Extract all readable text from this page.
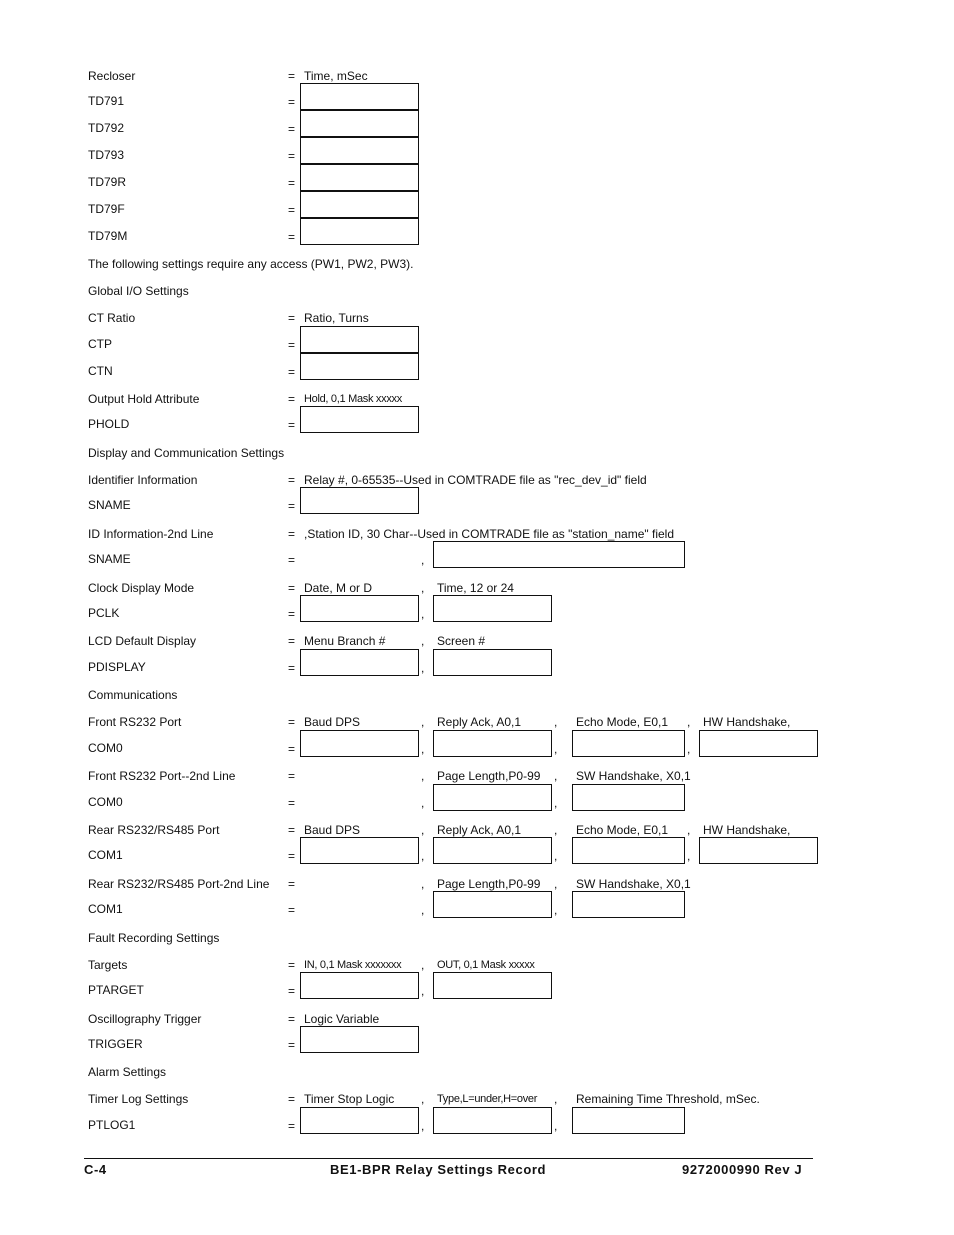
Recloser	= Time, mSec
TD791	=
TD792	=
TD793	=
TD79R	=
TD79F	=
TD79M	=
The following settings require any access (PW1, PW2, PW3).
Global I/O Settings
CT Ratio	= Ratio, Turns
CTP	=
CTN	=
Output Hold Attribute	= Hold, 0,1 Mask xxxxx
PHOLD	=
Display and Communication Settings
Identifier Information	= Relay #, 0-65535--Used in COMTRADE file as "rec_dev_id" field
SNAME	=
ID Information-2nd Line	= ,Station ID, 30 Char--Used in COMTRADE file as "station_name" field
SNAME	=	,
Clock Display Mode	= Date, M or D	, Time, 12 or 24
PCLK	=	,
LCD Default Display	= Menu Branch #	, Screen #
PDISPLAY	=	,
Communications
Front RS232 Port	= Baud DPS	, Reply Ack, A0,1	, Echo Mode, E0,1 , HW Handshake,
COM0	=	,	,	,
Front RS232 Port--2nd Line	=	, Page Length,P0-99 , SW Handshake, X0,1
COM0	=	,	,
Rear RS232/RS485 Port	= Baud DPS	, Reply Ack, A0,1	, Echo Mode, E0,1 , HW Handshake,
COM1	=	,	,	,
Rear RS232/RS485 Port-2nd Line =	, Page Length,P0-99 , SW Handshake, X0,1
COM1	=	,	,
Fault Recording Settings
Targets	= IN, 0,1 Mask xxxxxxx , OUT, 0,1 Mask xxxxx
PTARGET	=	,
Oscillography Trigger	= Logic Variable
TRIGGER	=
Alarm Settings
Timer Log Settings	= Timer Stop Logic , Type,L=under,H=over , Remaining Time Threshold, mSec.
PTLOG1	=	,	,
C-4	BE1-BPR Relay Settings Record	9272000990 Rev J
